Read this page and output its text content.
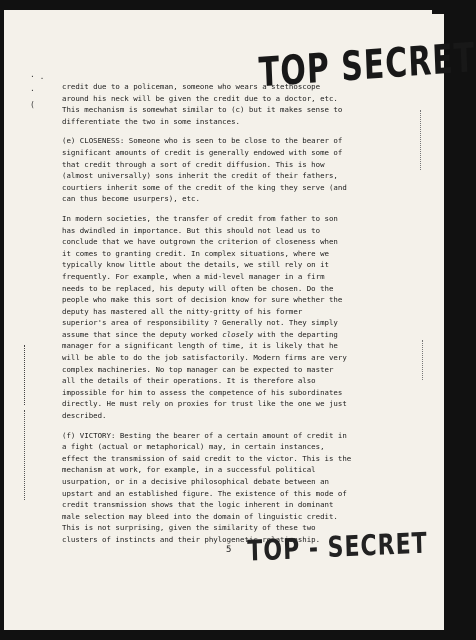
TOP SECRET
· .
·
(

credit due to a policeman, someone who wears a stethoscope
around his neck will be given the credit due to a doctor, etc.
This mechanism is somewhat similar to (c) but it makes sense to
differentiate the two in some instances.

(e) CLOSENESS: Someone who is seen to be close to the bearer of
significant amounts of credit is generally endowed with some of
that credit through a sort of credit diffusion. This is how
(almost universally) sons inherit the credit of their fathers,
courtiers inherit some of the credit of the king they serve (and
can thus become usurpers), etc.

In modern societies, the transfer of credit from father to son
has dwindled in importance. But this should not lead us to
conclude that we have outgrown the criterion of closeness when
it comes to granting credit. In complex situations, where we
typically know little about the details, we still rely on it
frequently. For example, when a mid-level manager in a firm
needs to be replaced, his deputy will often be chosen. Do the
people who make this sort of decision know for sure whether the
deputy has mastered all the nitty-gritty of his former
superior's area of responsibility ? Generally not. They simply
assume that since the deputy worked closely with the departing
manager for a significant length of time, it is likely that he
will be able to do the job satisfactorily. Modern firms are very
complex machineries. No top manager can be expected to master
all the details of their operations. It is therefore also
impossible for him to assess the competence of his subordinates
directly. He must rely on proxies for trust like the one we just
described.

(f) VICTORY: Besting the bearer of a certain amount of credit in
a fight (actual or metaphorical) may, in certain instances,
effect the transmission of said credit to the victor. This is the
mechanism at work, for example, in a successful political
usurpation, or in a decisive philosophical debate between an
upstart and an established figure. The existence of this mode of
credit transmission shows that the logic inherent in dominant
male selection may bleed into the domain of linguistic credit.
This is not surprising, given the similarity of these two
clusters of instincts and their phylogenetic relationship.

5 TOP - SECRET
